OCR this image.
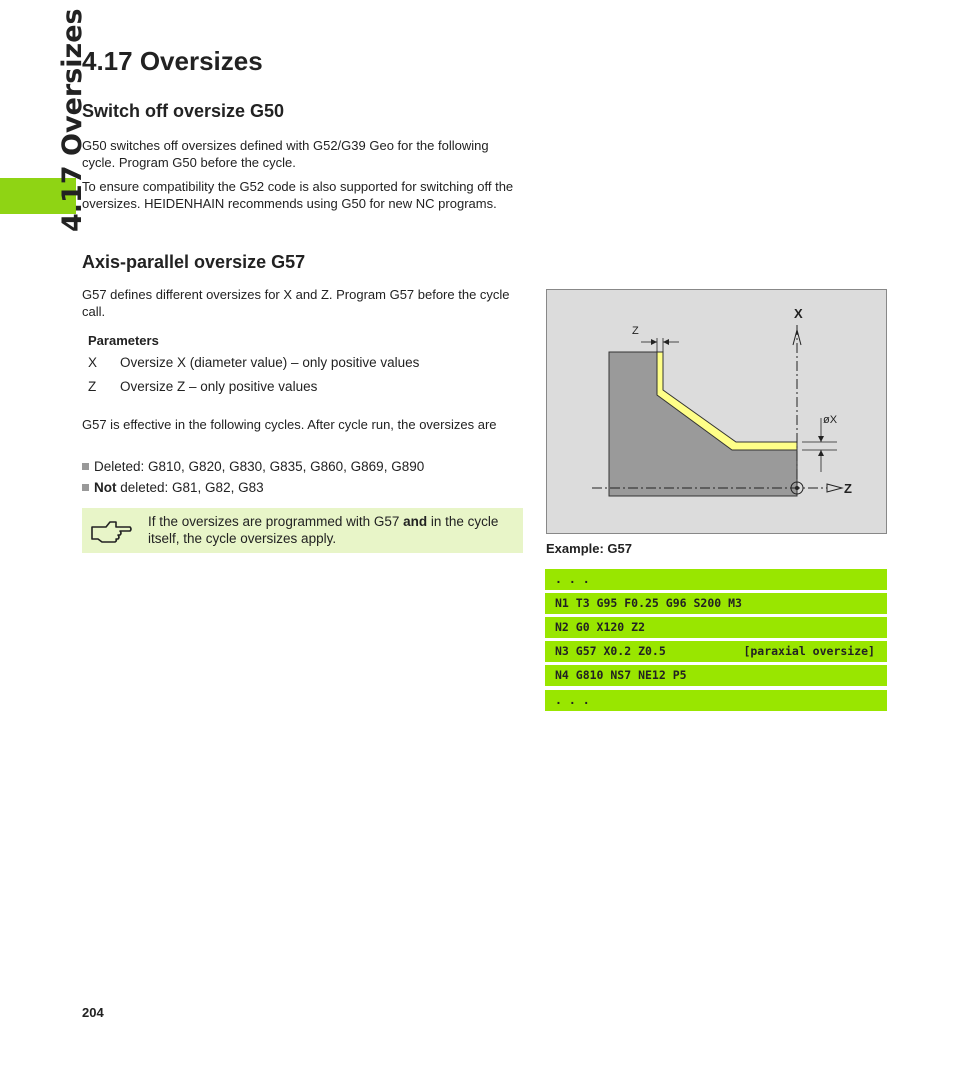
4.17 Oversizes
4.17 Oversizes
Switch off oversize G50

G50 switches off oversizes defined with G52/G39 Geo for the following cycle. Program G50 before the cycle.

To ensure compatibility the G52 code is also supported for switching off the oversizes. HEIDENHAIN recommends using G50 for new NC programs.

Axis-parallel oversize G57

G57 defines different oversizes for X and Z. Program G57 before the cycle call.

Parameters
X Oversize X (diameter value) – only positive values
Z Oversize Z – only positive values

G57 is effective in the following cycles. After cycle run, the oversizes are

Deleted: G810, G820, G830, G835, G860, G869, G890
Not deleted: G81, G82, G83
If the oversizes are programmed with G57 and in the cycle itself, the cycle oversizes apply.
X
Z
Z
øX
Example: G57
. . .
N1 T3 G95 F0.25 G96 S200 M3
N2 G0 X120 Z2
N3 G57 X0.2 Z0.5	[paraxial oversize]
N4 G810 NS7 NE12 P5
. . .
204
